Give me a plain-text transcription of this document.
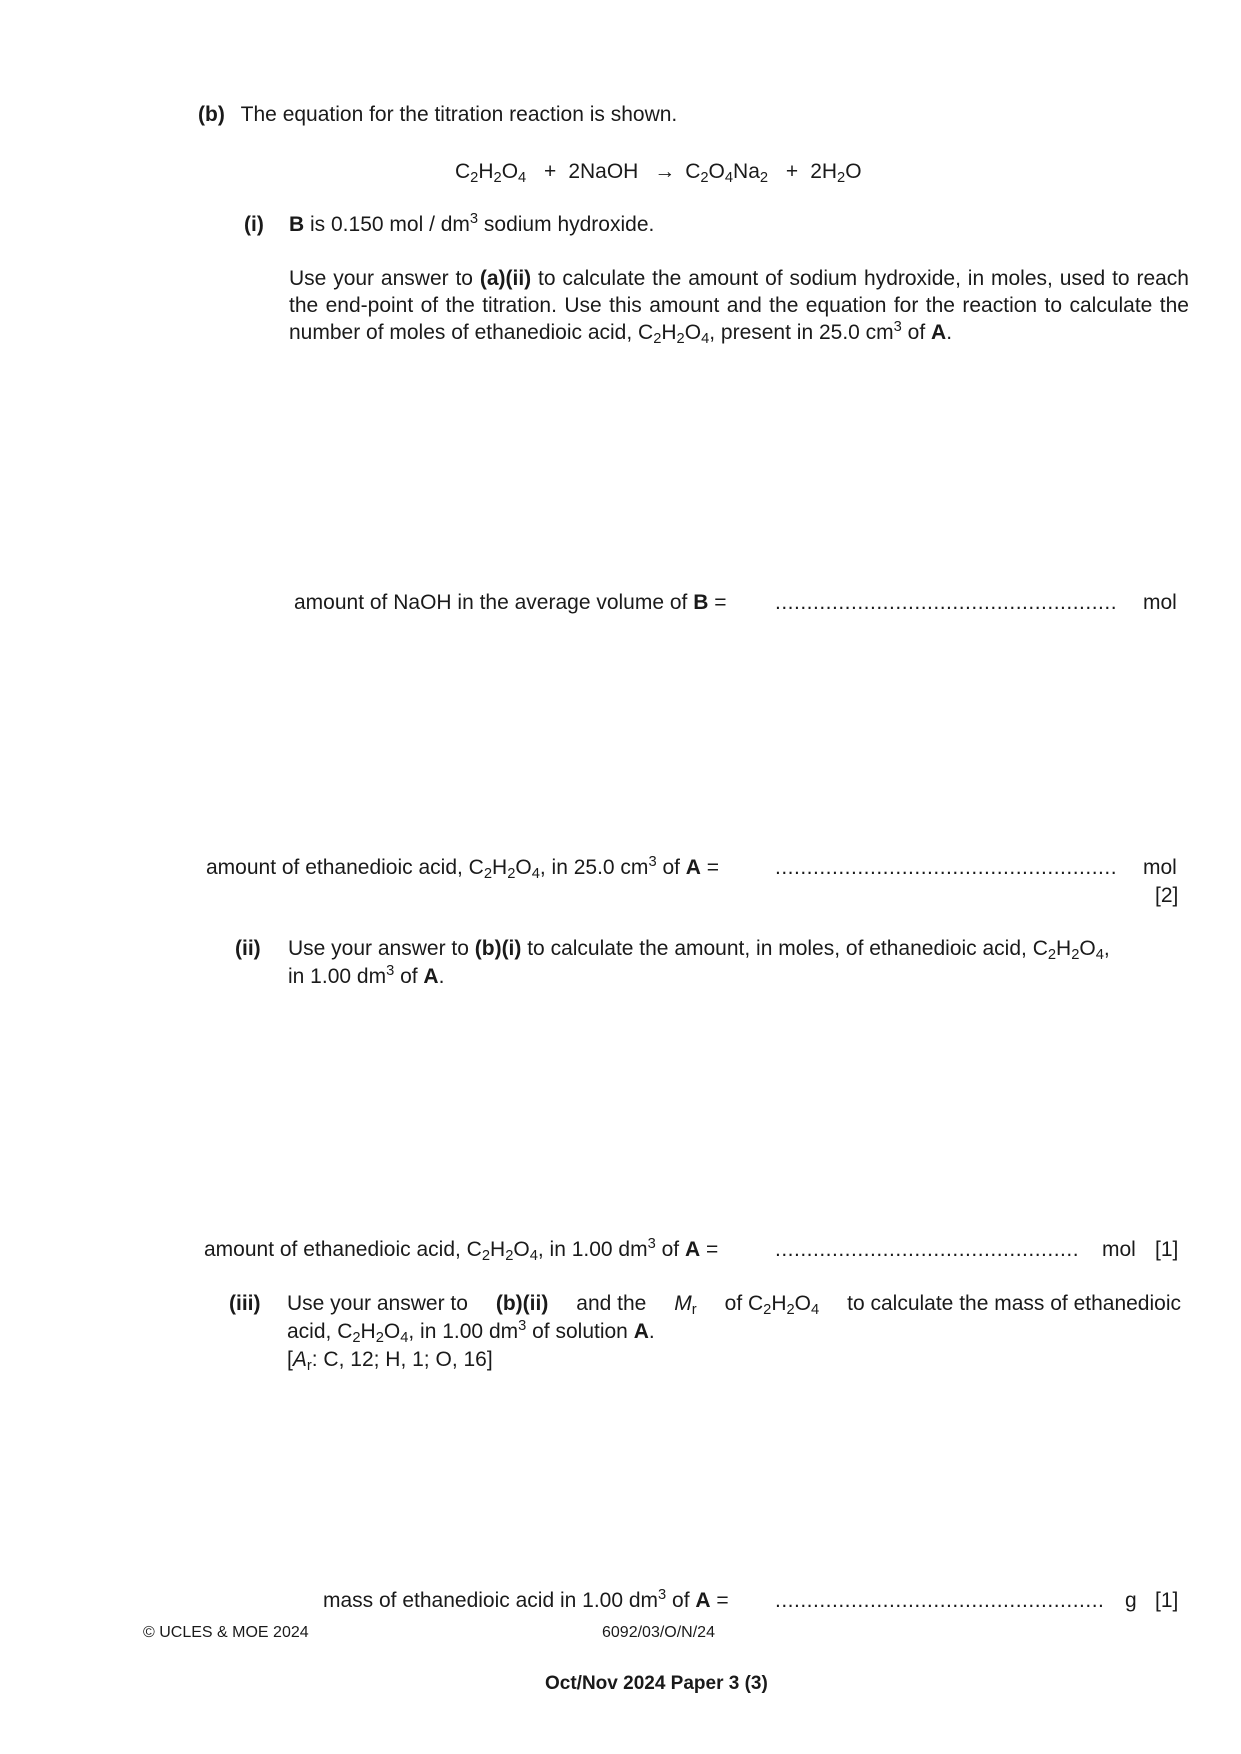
(b) The equation for the titration reaction is shown.
$C_2H_2O_4$ + 2NaOH → $C_2O_4Na_2 + 2H_2O$
(i) B is 0.150 mol / $dm^3$ sodium hydroxide.
Use your answer to (a)(ii) to calculate the amount of sodium hydroxide, in moles, used to reach the end-point of the titration. Use this amount and the equation for the reaction to calculate the number of moles of ethanedioic acid, $C_2H_2O_4$, present in 25.0 $cm^3$ of A.
amount of NaOH in the average volume of B = ...................................................... mol
amount of ethanedioic acid, $C_2H_2O_4$, in 25.0 $cm^3$ of A =	...................................................... mol
[2]
(ii) Use your answer to (b)(i) to calculate the amount, in moles, of ethanedioic acid, $C_2H_2O_4$,
in 1.00 $dm^3$ of A.
amount of ethanedioic acid, $C_2H_2O_4$, in 1.00 $dm^3$ of A =	................................................ mol [1]
(iii) Use your answer to (b)(ii) and the $M_r$ of $C_2H_2O_4$ to calculate the mass of ethanedioic
acid, $C_2H_2O_4$, in 1.00 $dm^3$ of solution A.
[$A_r$: C, 12; H, 1; O, 16]
mass of ethanedioic acid in 1.00 $dm^3$ of A = .................................................... g [1]
© UCLES & MOE 2024	6092/03/O/N/24
Oct/Nov 2024 Paper 3 (3)
